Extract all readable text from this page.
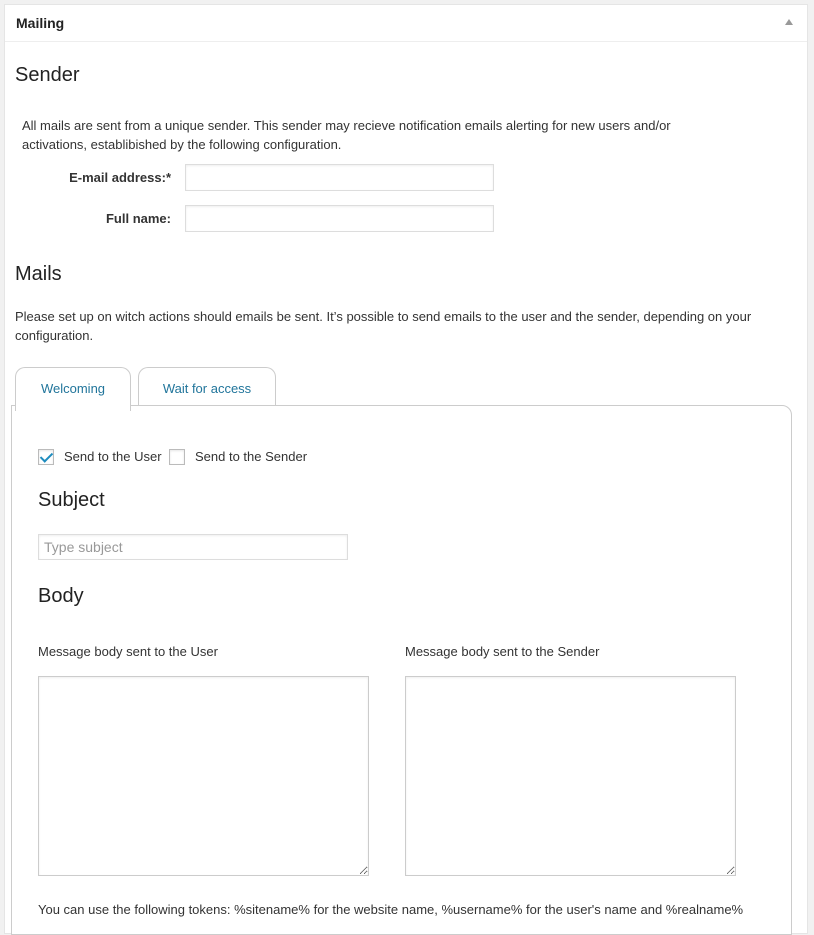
Mailing
Sender

All mails are sent from a unique sender. This sender may recieve notification emails alerting for new users and/or activations, establibished by the following configuration.

E-mail address:*
Full name:
Mails

Please set up on witch actions should emails be sent. It’s possible to send emails to the user and the sender, depending on your configuration.

Welcoming	Wait for access
Send to the User	Send to the Sender
Subject
Type subject
Body
Message body sent to the User	Message body sent to the Sender

You can use the following tokens: %sitename% for the website name, %username% for the user's name and %realname%
